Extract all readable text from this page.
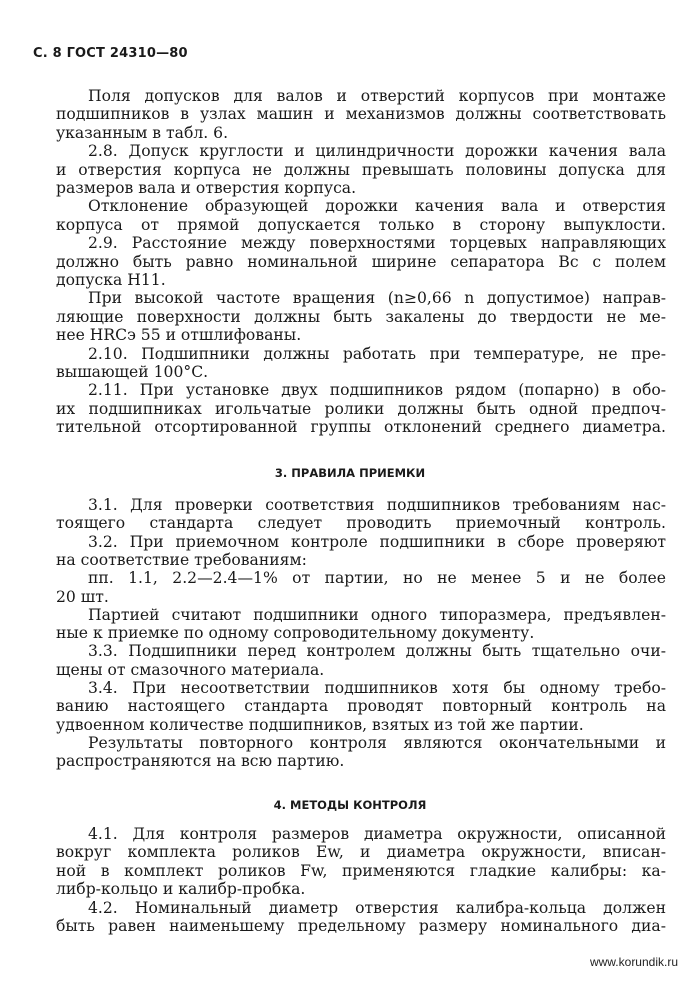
С. 8 ГОСТ 24310—80
Поля допусков для валов и отверстий корпусов при монтаже
подшипников в узлах машин и механизмов должны соответствовать
указанным в табл. 6.
2.8. Допуск круглости и цилиндричности дорожки качения вала
и отверстия корпуса не должны превышать половины допуска для
размеров вала и отверстия корпуса.
Отклонение образующей дорожки качения вала и отверстия
корпуса от прямой допускается только в сторону выпуклости.
2.9. Расстояние между поверхностями торцевых направляющих
должно быть равно номинальной ширине сепаратора Bc с полем
допуска Н11.
При высокой частоте вращения (n≥0,66 n допустимое) направ-
ляющие поверхности должны быть закалены до твердости не ме-
нее HRCэ 55 и отшлифованы.
2.10. Подшипники должны работать при температуре, не пре-
вышающей 100°С.
2.11. При установке двух подшипников рядом (попарно) в обо-
их подшипниках игольчатые ролики должны быть одной предпоч-
тительной отсортированной группы отклонений среднего диаметра.
3. ПРАВИЛА ПРИЕМКИ
3.1. Для проверки соответствия подшипников требованиям нас-
тоящего стандарта следует проводить приемочный контроль.
3.2. При приемочном контроле подшипники в сборе проверяют
на соответствие требованиям:
пп. 1.1, 2.2—2.4—1% от партии, но не менее 5 и не более
20 шт.
Партией считают подшипники одного типоразмера, предъявлен-
ные к приемке по одному сопроводительному документу.
3.3. Подшипники перед контролем должны быть тщательно очи-
щены от смазочного материала.
3.4. При несоответствии подшипников хотя бы одному требо-
ванию настоящего стандарта проводят повторный контроль на
удвоенном количестве подшипников, взятых из той же партии.
Результаты повторного контроля являются окончательными и
распространяются на всю партию.
4. МЕТОДЫ КОНТРОЛЯ
4.1. Для контроля размеров диаметра окружности, описанной
вокруг комплекта роликов Ew, и диаметра окружности, вписан-
ной в комплект роликов Fw, применяются гладкие калибры: ка-
либр-кольцо и калибр-пробка.
4.2. Номинальный диаметр отверстия калибра-кольца должен
быть равен наименьшему предельному размеру номинального диа-
www.korundik.ru
